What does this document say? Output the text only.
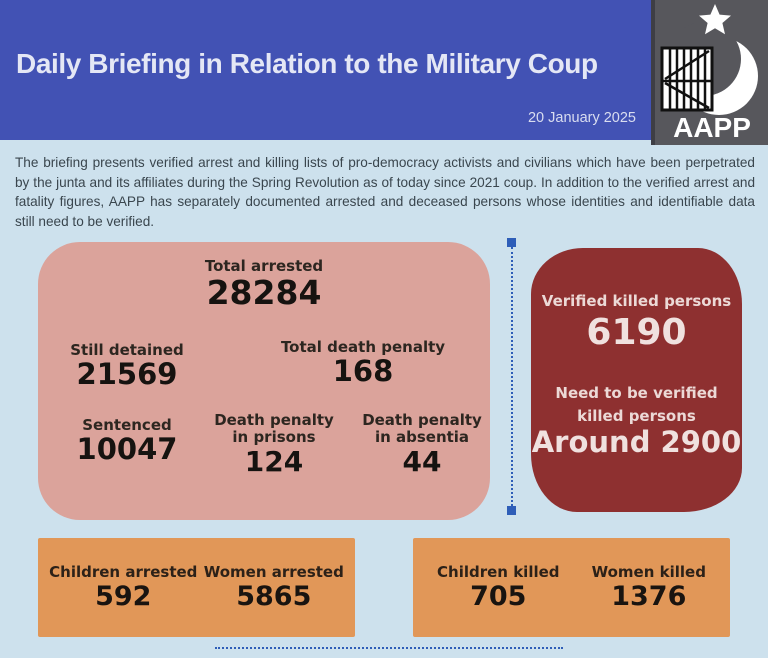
Daily Briefing in Relation to the Military Coup
20 January 2025 AAPP
The briefing presents verified arrest and killing lists of pro-democracy activists and civilians which have been perpetrated by the junta and its affiliates during the Spring Revolution as of today since 2021 coup. In addition to the verified arrest and fatality figures, AAPP has separately documented arrested and deceased persons whose identities and identifiable data still need to be verified.
Total arrested
28284
Still detained
21569
Total death penalty
168
Sentenced
10047
Death penalty in prisons
124
Death penalty in absentia
44
Verified killed persons
6190
Need to be verified
killed persons
Around 2900
Children arrested
592
Women arrested
5865
Children killed
705
Women killed
1376
